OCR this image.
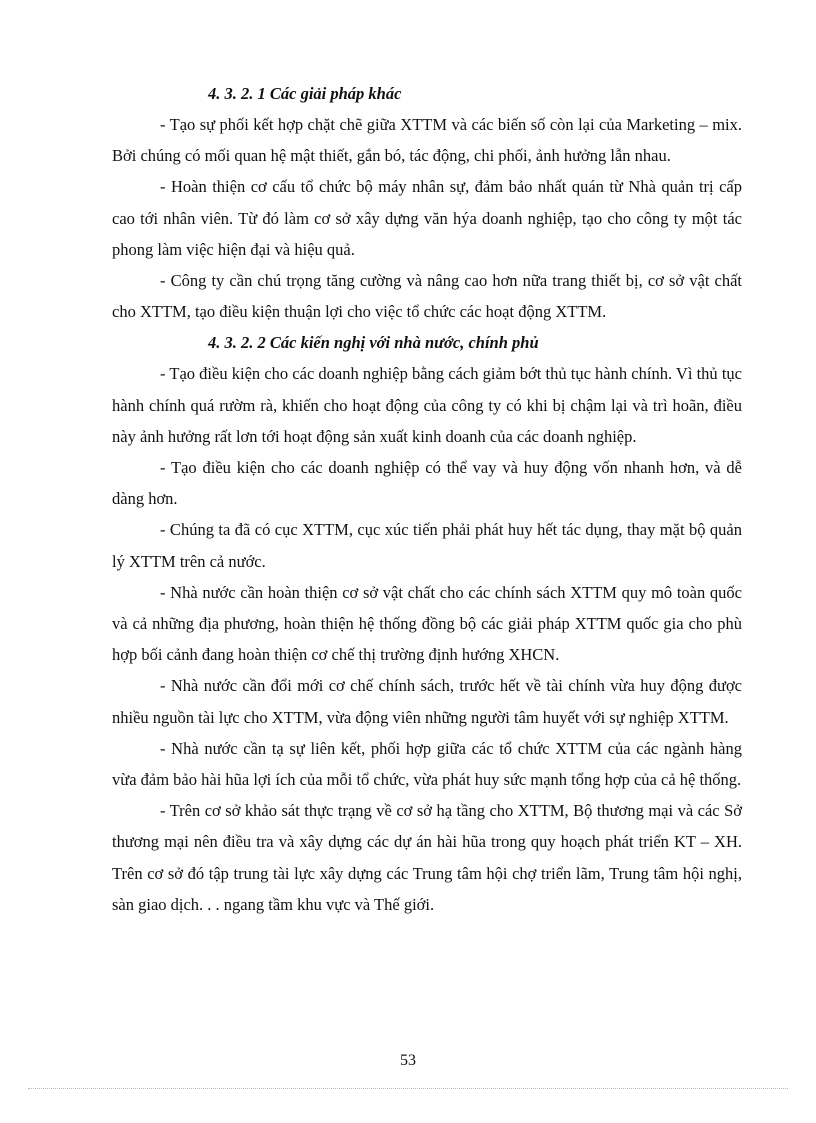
4. 3. 2. 1 Các giải pháp khác

- Tạo sự phối kết hợp chặt chẽ giữa XTTM và các biến số còn lại của Marketing – mix. Bởi chúng có mối quan hệ mật thiết, gắn bó, tác động, chi phối, ảnh hưởng lẫn nhau.

- Hoàn thiện cơ cấu tổ chức bộ máy nhân sự, đảm bảo nhất quán từ Nhà quản trị cấp cao tới nhân viên. Từ đó làm cơ sở xây dựng văn hýa doanh nghiệp, tạo cho công ty một tác phong làm việc hiện đại và hiệu quả.

- Công ty cần chú trọng tăng cường và nâng cao hơn nữa trang thiết bị, cơ sở vật chất cho XTTM, tạo điều kiện thuận lợi cho việc tổ chức các hoạt động XTTM.

4. 3. 2. 2 Các kiến nghị với nhà nước, chính phủ

- Tạo điều kiện cho các doanh nghiệp bằng cách giảm bớt thủ tục hành chính. Vì thủ tục hành chính quá rườm rà, khiến cho hoạt động của công ty có khi bị chậm lại và trì hoãn, điều này ảnh hưởng rất lơn tới hoạt động sản xuất kinh doanh của các doanh nghiệp.

- Tạo điều kiện cho các doanh nghiệp có thể vay và huy động vốn nhanh hơn, và dễ dàng hơn.

- Chúng ta đã có cục XTTM, cục xúc tiến phải phát huy hết tác dụng, thay mặt bộ quản lý XTTM trên cả nước.

- Nhà nước cần hoàn thiện cơ sở vật chất cho các chính sách XTTM quy mô toàn quốc và cả những địa phương, hoàn thiện hệ thống đồng bộ các giải pháp XTTM quốc gia cho phù hợp bối cảnh đang hoàn thiện cơ chế thị trường định hướng XHCN.

- Nhà nước cần đổi mới cơ chế chính sách, trước hết về tài chính vừa huy động được nhiều nguồn tài lực cho XTTM, vừa động viên những người tâm huyết với sự nghiệp XTTM.

- Nhà nước cần tạ sự liên kết, phối hợp giữa các tổ chức XTTM của các ngành hàng vừa đảm bảo hài hũa lợi ích của mỗi tổ chức, vừa phát huy sức mạnh tổng hợp của cả hệ thống.

- Trên cơ sở khảo sát thực trạng về cơ sở hạ tầng cho XTTM, Bộ thương mại và các Sở thương mại nên điều tra và xây dựng các dự án hài hũa trong quy hoạch phát triển KT – XH. Trên cơ sở đó tập trung tài lực xây dựng các Trung tâm hội chợ triển lãm, Trung tâm hội nghị, sàn giao dịch. . . ngang tầm khu vực và Thế giới.

53
